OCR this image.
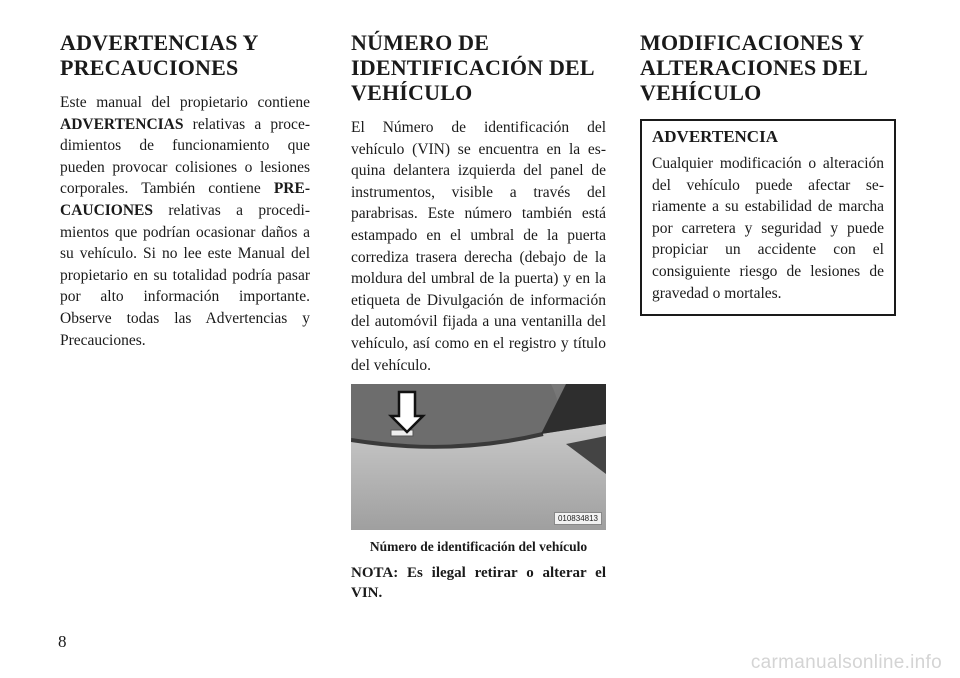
ADVERTENCIAS Y
PRECAUCIONES

Este manual del propietario contiene ADVERTENCIAS relativas a procedimientos de funcionamiento que pueden provocar colisiones o lesiones corporales. También contiene PRECAUCIONES relativas a procedimientos que podrían ocasionar daños a su vehículo. Si no lee este Manual del propietario en su totalidad podría pasar por alto información importante. Observe todas las Advertencias y Precauciones.

NÚMERO DE
IDENTIFICACIÓN DEL
VEHÍCULO

El Número de identificación del vehículo (VIN) se encuentra en la esquina delantera izquierda del panel de instrumentos, visible a través del parabrisas. Este número también está estampado en el umbral de la puerta corrediza trasera derecha (debajo de la moldura del umbral de la puerta) y en la etiqueta de Divulgación de información del automóvil fijada a una ventanilla del vehículo, así como en el registro y título del vehículo.

010834813
Número de identificación del vehículo
NOTA: Es ilegal retirar o alterar el VIN.
MODIFICACIONES Y
ALTERACIONES DEL
VEHÍCULO
ADVERTENCIA

Cualquier modificación o alteración del vehículo puede afectar seriamente a su estabilidad de marcha por carretera y seguridad y puede propiciar un accidente con el consiguiente riesgo de lesiones de gravedad o mortales.

8
carmanualsonline.info
